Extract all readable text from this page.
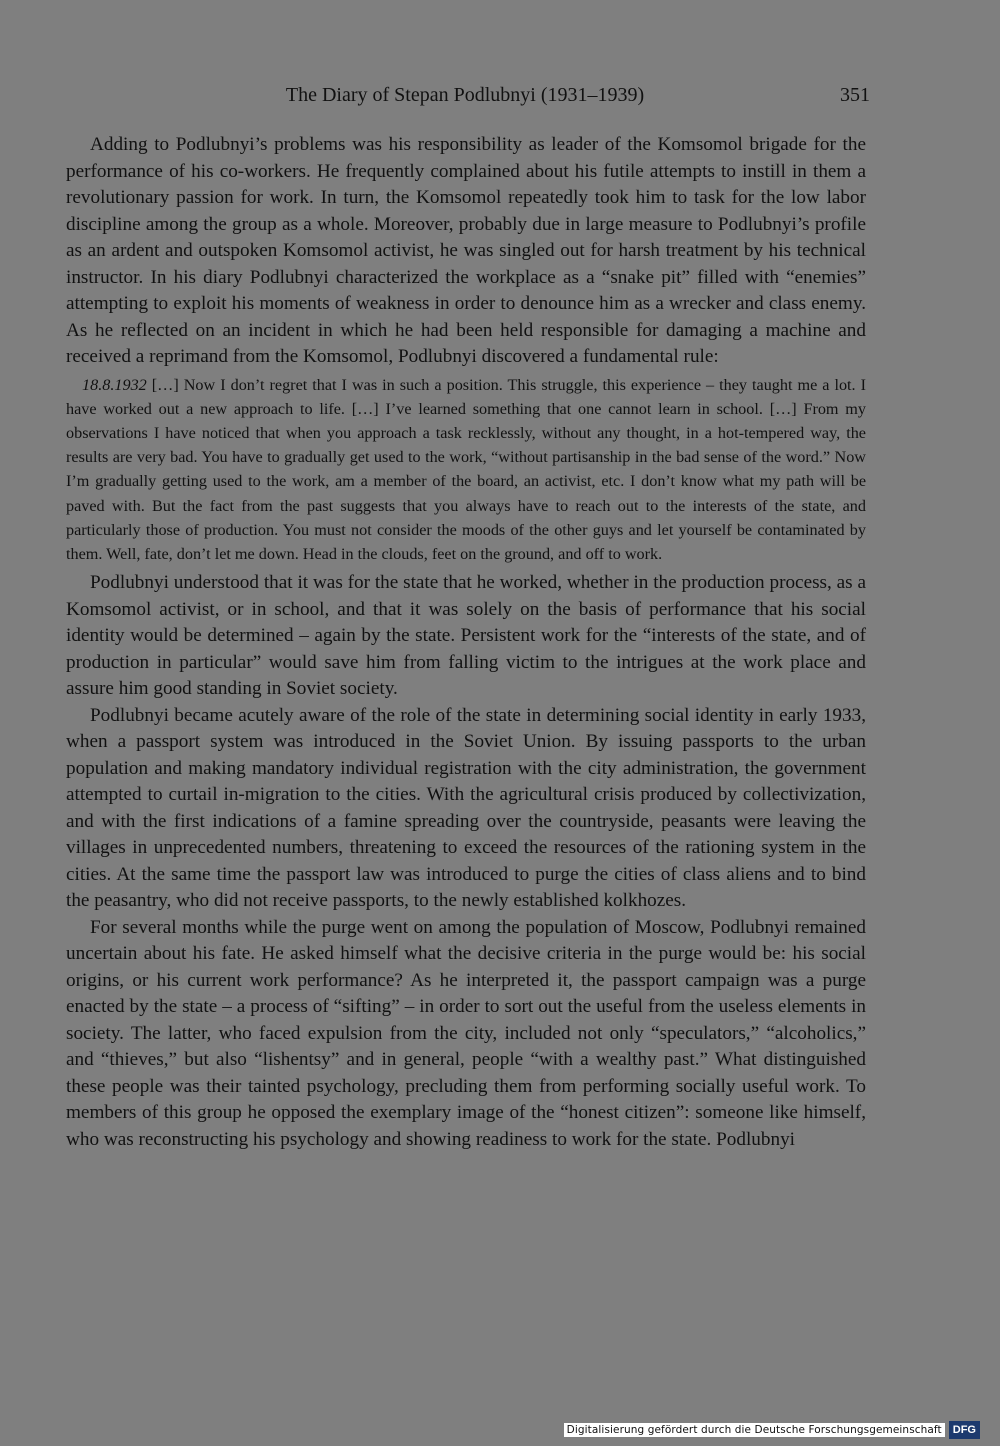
The Diary of Stepan Podlubnyi (1931–1939)	351

Adding to Podlubnyi’s problems was his responsibility as leader of the Komsomol brigade for the performance of his co-workers. He frequently complained about his futile attempts to instill in them a revolutionary passion for work. In turn, the Komsomol repeatedly took him to task for the low labor discipline among the group as a whole. Moreover, probably due in large measure to Podlubnyi’s profile as an ardent and outspoken Komsomol activist, he was singled out for harsh treatment by his technical instructor. In his diary Podlubnyi characterized the workplace as a “snake pit” filled with “enemies” attempting to exploit his moments of weakness in order to denounce him as a wrecker and class enemy. As he reflected on an incident in which he had been held responsible for damaging a machine and received a reprimand from the Komsomol, Podlubnyi discovered a fundamental rule:

18.8.1932 […] Now I don’t regret that I was in such a position. This struggle, this experience – they taught me a lot. I have worked out a new approach to life. […] I’ve learned something that one cannot learn in school. […] From my observations I have noticed that when you approach a task recklessly, without any thought, in a hot-tempered way, the results are very bad. You have to gradually get used to the work, “without partisanship in the bad sense of the word.” Now I’m gradually getting used to the work, am a member of the board, an activist, etc. I don’t know what my path will be paved with. But the fact from the past suggests that you always have to reach out to the interests of the state, and particularly those of production. You must not consider the moods of the other guys and let yourself be contaminated by them. Well, fate, don’t let me down. Head in the clouds, feet on the ground, and off to work.

Podlubnyi understood that it was for the state that he worked, whether in the production process, as a Komsomol activist, or in school, and that it was solely on the basis of performance that his social identity would be determined – again by the state. Persistent work for the “interests of the state, and of production in particular” would save him from falling victim to the intrigues at the work place and assure him good standing in Soviet society.

Podlubnyi became acutely aware of the role of the state in determining social identity in early 1933, when a passport system was introduced in the Soviet Union. By issuing passports to the urban population and making mandatory individual registration with the city administration, the government attempted to curtail in-migration to the cities. With the agricultural crisis produced by collectivization, and with the first indications of a famine spreading over the countryside, peasants were leaving the villages in unprecedented numbers, threatening to exceed the resources of the rationing system in the cities. At the same time the passport law was introduced to purge the cities of class aliens and to bind the peasantry, who did not receive passports, to the newly established kolkhozes.

For several months while the purge went on among the population of Moscow, Podlubnyi remained uncertain about his fate. He asked himself what the decisive criteria in the purge would be: his social origins, or his current work performance? As he interpreted it, the passport campaign was a purge enacted by the state – a process of “sifting” – in order to sort out the useful from the useless elements in society. The latter, who faced expulsion from the city, included not only “speculators,” “alcoholics,” and “thieves,” but also “lishentsy” and in general, people “with a wealthy past.” What distinguished these people was their tainted psychology, precluding them from performing socially useful work. To members of this group he opposed the exemplary image of the “honest citizen”: someone like himself, who was reconstructing his psychology and showing readiness to work for the state. Podlubnyi

Digitalisierung gefördert durch die Deutsche Forschungsgemeinschaft	DFG
